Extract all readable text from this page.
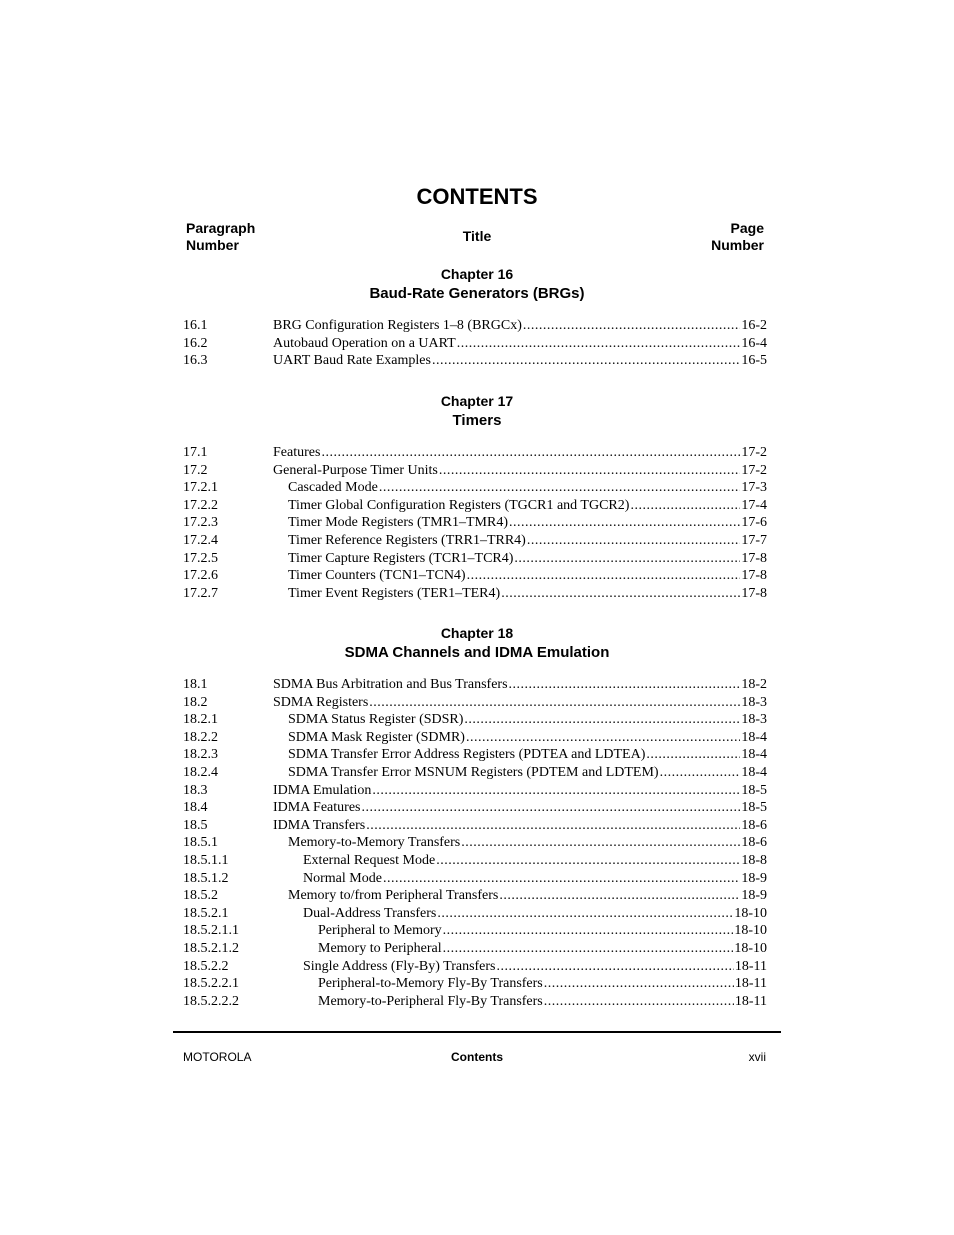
CONTENTS
Paragraph
Number
Title	Page
Number
Chapter 16
Baud-Rate Generators (BRGs)
16.1	BRG Configuration Registers 1–8 (BRGCx) .....	16-2
16.2	Autobaud Operation on a UART .....	16-4
16.3	UART Baud Rate Examples .....	16-5
Chapter 17
Timers
17.1	Features .....	17-2
17.2	General-Purpose Timer Units .....	17-2
17.2.1	Cascaded Mode .....	17-3
17.2.2	Timer Global Configuration Registers (TGCR1 and TGCR2) .....	17-4
17.2.3	Timer Mode Registers (TMR1–TMR4) .....	17-6
17.2.4	Timer Reference Registers (TRR1–TRR4) .....	17-7
17.2.5	Timer Capture Registers (TCR1–TCR4) .....	17-8
17.2.6	Timer Counters (TCN1–TCN4) .....	17-8
17.2.7	Timer Event Registers (TER1–TER4) .....	17-8
Chapter 18
SDMA Channels and IDMA Emulation
18.1	SDMA Bus Arbitration and Bus Transfers .....	18-2
18.2	SDMA Registers .....	18-3
18.2.1	SDMA Status Register (SDSR) .....	18-3
18.2.2	SDMA Mask Register (SDMR) .....	18-4
18.2.3	SDMA Transfer Error Address Registers (PDTEA and LDTEA) .....	18-4
18.2.4	SDMA Transfer Error MSNUM Registers (PDTEM and LDTEM) .....	18-4
18.3	IDMA Emulation .....	18-5
18.4	IDMA Features .....	18-5
18.5	IDMA Transfers .....	18-6
18.5.1	Memory-to-Memory Transfers .....	18-6
18.5.1.1	External Request Mode .....	18-8
18.5.1.2	Normal Mode .....	18-9
18.5.2	Memory to/from Peripheral Transfers .....	18-9
18.5.2.1	Dual-Address Transfers .....	18-10
18.5.2.1.1	Peripheral to Memory .....	18-10
18.5.2.1.2	Memory to Peripheral .....	18-10
18.5.2.2	Single Address (Fly-By) Transfers .....	18-11
18.5.2.2.1	Peripheral-to-Memory Fly-By Transfers .....	18-11
18.5.2.2.2	Memory-to-Peripheral Fly-By Transfers .....	18-11
MOTOROLA	Contents	xvii
